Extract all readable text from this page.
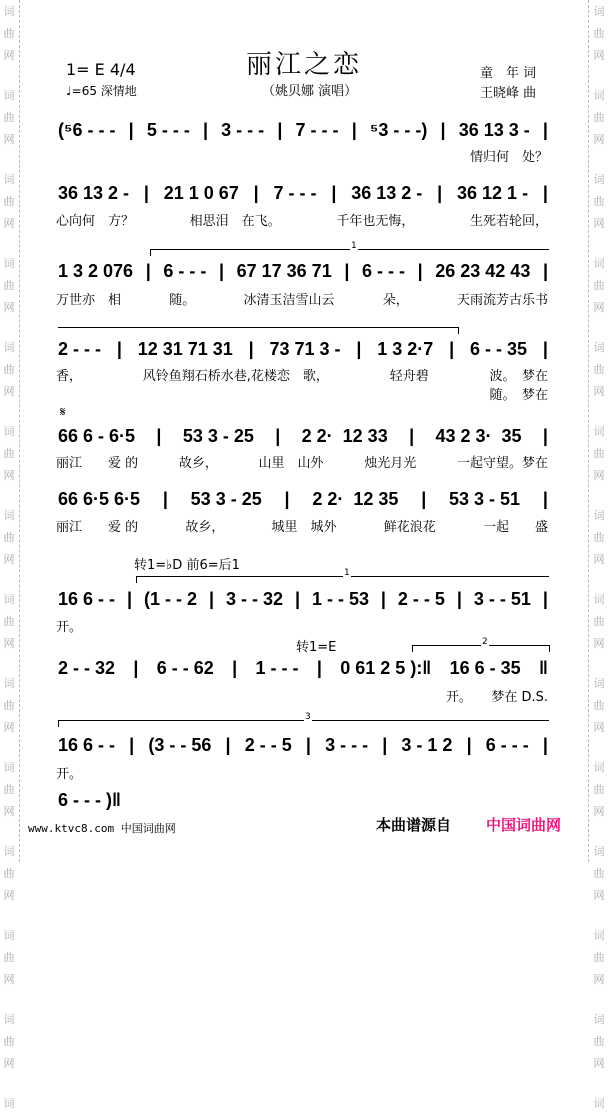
词
曲
网
词
曲
网
词
曲
网
词
曲
网
词
曲
网
词
曲
网
词
曲
网
词
曲
网
词
曲
网
词
曲
网
词
曲
网
词
曲
网
词
曲
网
词
词
曲
网
词
曲
网
词
曲
网
词
曲
网
词
曲
网
词
曲
网
词
曲
网
词
曲
网
词
曲
网
词
曲
网
词
曲
网
词
曲
网
词
曲
网
词
丽江之恋
（姚贝娜 演唱）
1= E 4/4
♩=65 深情地
童　年 词
王晓峰 曲
(⁵6 - - - | 5 - - - | 3 - - - | 7 - - - | ⁵3 - - -) | 36 13 3 - |
情归何　处？
36 13 2 - | 21 1 0 67 | 7 - - - | 36 13 2 - | 36 12 1 - |
心向何　方？	相思泪　在飞。	千年也无悔，	生死若轮回，
1 3 2 076 | 6 - - - | 67 17 36 71 | 6 - - - | 26 23 42 43 |
万世亦　相	随。	冰清玉洁雪山云	朵，	天雨流芳古乐书
2 - - - | 12 31 71 31 | 73 71 3 - | 1 3 2·7 | 6 - - 35 |
香，	风铃鱼翔石桥水巷,花楼恋　歌，	轻舟碧	波。　梦在
随。　梦在
66 6 - 6·5 | 53 3 - 25 | 2 2·  12 33 | 43 2 3·  35 |
丽江　　爱 的	故乡，	山里　山外	烛光月光	一起守望。梦在
66 6·5 6·5 | 53 3 - 25 | 2 2·  12 35 | 53 3 - 51 |
丽江　　爱 的	故乡，	城里　城外	鲜花浪花	一起　　盛
16 6 - - | (1 - - 2 | 3 - - 32 | 1 - - 53 | 2 - - 5 | 3 - - 51 |
开。
2 - - 32 | 6 - - 62 | 1 - - - | 0 61 2 5 ):‖ 16 6 - 35 ‖
开。　　梦在 D.S.
16 6 - - | (3 - - 56 | 2 - - 5 | 3 - - - | 3 - 1 2 | 6 - - - |
开。
6 - - - )‖
1
𝄋
转1=♭D 前6=后1	1
转1=E	2
3
www.ktvc8.com 中国词曲网	本曲谱源自 中国词曲网
